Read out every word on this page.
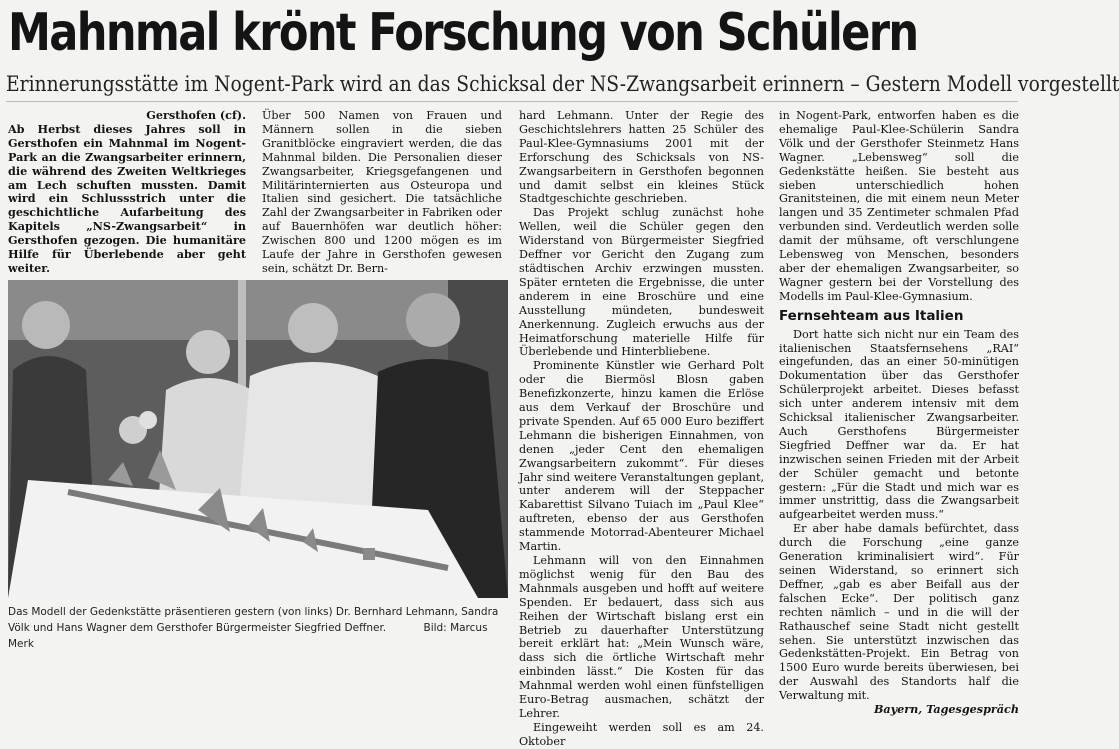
Mahnmal krönt Forschung von Schülern
Erinnerungsstätte im Nogent-Park wird an das Schicksal der NS-Zwangsarbeit erinnern – Gestern Modell vorgestellt
Gersthofen (cf).
Ab Herbst dieses Jahres soll in Gersthofen ein Mahnmal im Nogent-Park an die Zwangsarbeiter erinnern, die während des Zweiten Weltkrieges am Lech schuften mussten. Damit wird ein Schlussstrich unter die geschichtliche Aufarbeitung des Kapitels „NS-Zwangsarbeit“ in Gersthofen gezogen. Die humanitäre Hilfe für Überlebende aber geht weiter.

Über 500 Namen von Frauen und Männern sollen in die sieben Granitblöcke eingraviert werden, die das Mahnmal bilden. Die Personalien dieser Zwangsarbeiter, Kriegsgefangenen und Militärinternierten aus Osteuropa und Italien sind gesichert. Die tatsächliche Zahl der Zwangsarbeiter in Fabriken oder auf Bauernhöfen war deutlich höher: Zwischen 800 und 1200 mögen es im Laufe der Jahre in Gersthofen gewesen sein, schätzt Dr. Bern-

Das Modell der Gedenkstätte präsentieren gestern (von links) Dr. Bernhard Lehmann, Sandra Völk und Hans Wagner dem Gersthofer Bürgermeister Siegfried Deffner.	Bild: Marcus Merk

hard Lehmann. Unter der Regie des Geschichtslehrers hatten 25 Schüler des Paul-Klee-Gymnasiums 2001 mit der Erforschung des Schicksals von NS-Zwangsarbeitern in Gersthofen begonnen und damit selbst ein kleines Stück Stadtgeschichte geschrieben.

Das Projekt schlug zunächst hohe Wellen, weil die Schüler gegen den Widerstand von Bürgermeister Siegfried Deffner vor Gericht den Zugang zum städtischen Archiv erzwingen mussten. Später ernteten die Ergebnisse, die unter anderem in eine Broschüre und eine Ausstellung mündeten, bundesweit Anerkennung. Zugleich erwuchs aus der Heimatforschung materielle Hilfe für Überlebende und Hinterbliebene.

Prominente Künstler wie Gerhard Polt oder die Biermösl Blosn gaben Benefizkonzerte, hinzu kamen die Erlöse aus dem Verkauf der Broschüre und private Spenden. Auf 65 000 Euro beziffert Lehmann die bisherigen Einnahmen, von denen „jeder Cent den ehemaligen Zwangsarbeitern zukommt“. Für dieses Jahr sind weitere Veranstaltungen geplant, unter anderem will der Steppacher Kabarettist Silvano Tuiach im „Paul Klee“ auftreten, ebenso der aus Gersthofen stammende Motorrad-Abenteurer Michael Martin.

Lehmann will von den Einnahmen möglichst wenig für den Bau des Mahnmals ausgeben und hofft auf weitere Spenden. Er bedauert, dass sich aus Reihen der Wirtschaft bislang erst ein Betrieb zu dauerhafter Unterstützung bereit erklärt hat: „Mein Wunsch wäre, dass sich die örtliche Wirtschaft mehr einbinden lässt.“ Die Kosten für das Mahnmal werden wohl einen fünfstelligen Euro-Betrag ausmachen, schätzt der Lehrer.

Eingeweiht werden soll es am 24. Oktober

in Nogent-Park, entworfen haben es die ehemalige Paul-Klee-Schülerin Sandra Völk und der Gersthofer Steinmetz Hans Wagner. „Lebensweg“ soll die Gedenkstätte heißen. Sie besteht aus sieben unterschiedlich hohen Granitsteinen, die mit einem neun Meter langen und 35 Zentimeter schmalen Pfad verbunden sind. Verdeutlich werden solle damit der mühsame, oft verschlungene Lebensweg von Menschen, besonders aber der ehemaligen Zwangsarbeiter, so Wagner gestern bei der Vorstellung des Modells im Paul-Klee-Gymnasium.

Fernsehteam aus Italien

Dort hatte sich nicht nur ein Team des italienischen Staatsfernsehens „RAI“ eingefunden, das an einer 50-minütigen Dokumentation über das Gersthofer Schülerprojekt arbeitet. Dieses befasst sich unter anderem intensiv mit dem Schicksal italienischer Zwangsarbeiter. Auch Gersthofens Bürgermeister Siegfried Deffner war da. Er hat inzwischen seinen Frieden mit der Arbeit der Schüler gemacht und betonte gestern: „Für die Stadt und mich war es immer unstrittig, dass die Zwangsarbeit aufgearbeitet werden muss.“

Er aber habe damals befürchtet, dass durch die Forschung „eine ganze Generation kriminalisiert wird“. Für seinen Widerstand, so erinnert sich Deffner, „gab es aber Beifall aus der falschen Ecke“. Der politisch ganz rechten nämlich – und in die will der Rathauschef seine Stadt nicht gestellt sehen. Sie unterstützt inzwischen das Gedenkstätten-Projekt. Ein Betrag von 1500 Euro wurde bereits überwiesen, bei der Auswahl des Standorts half die Verwaltung mit.

Bayern, Tagesgespräch
